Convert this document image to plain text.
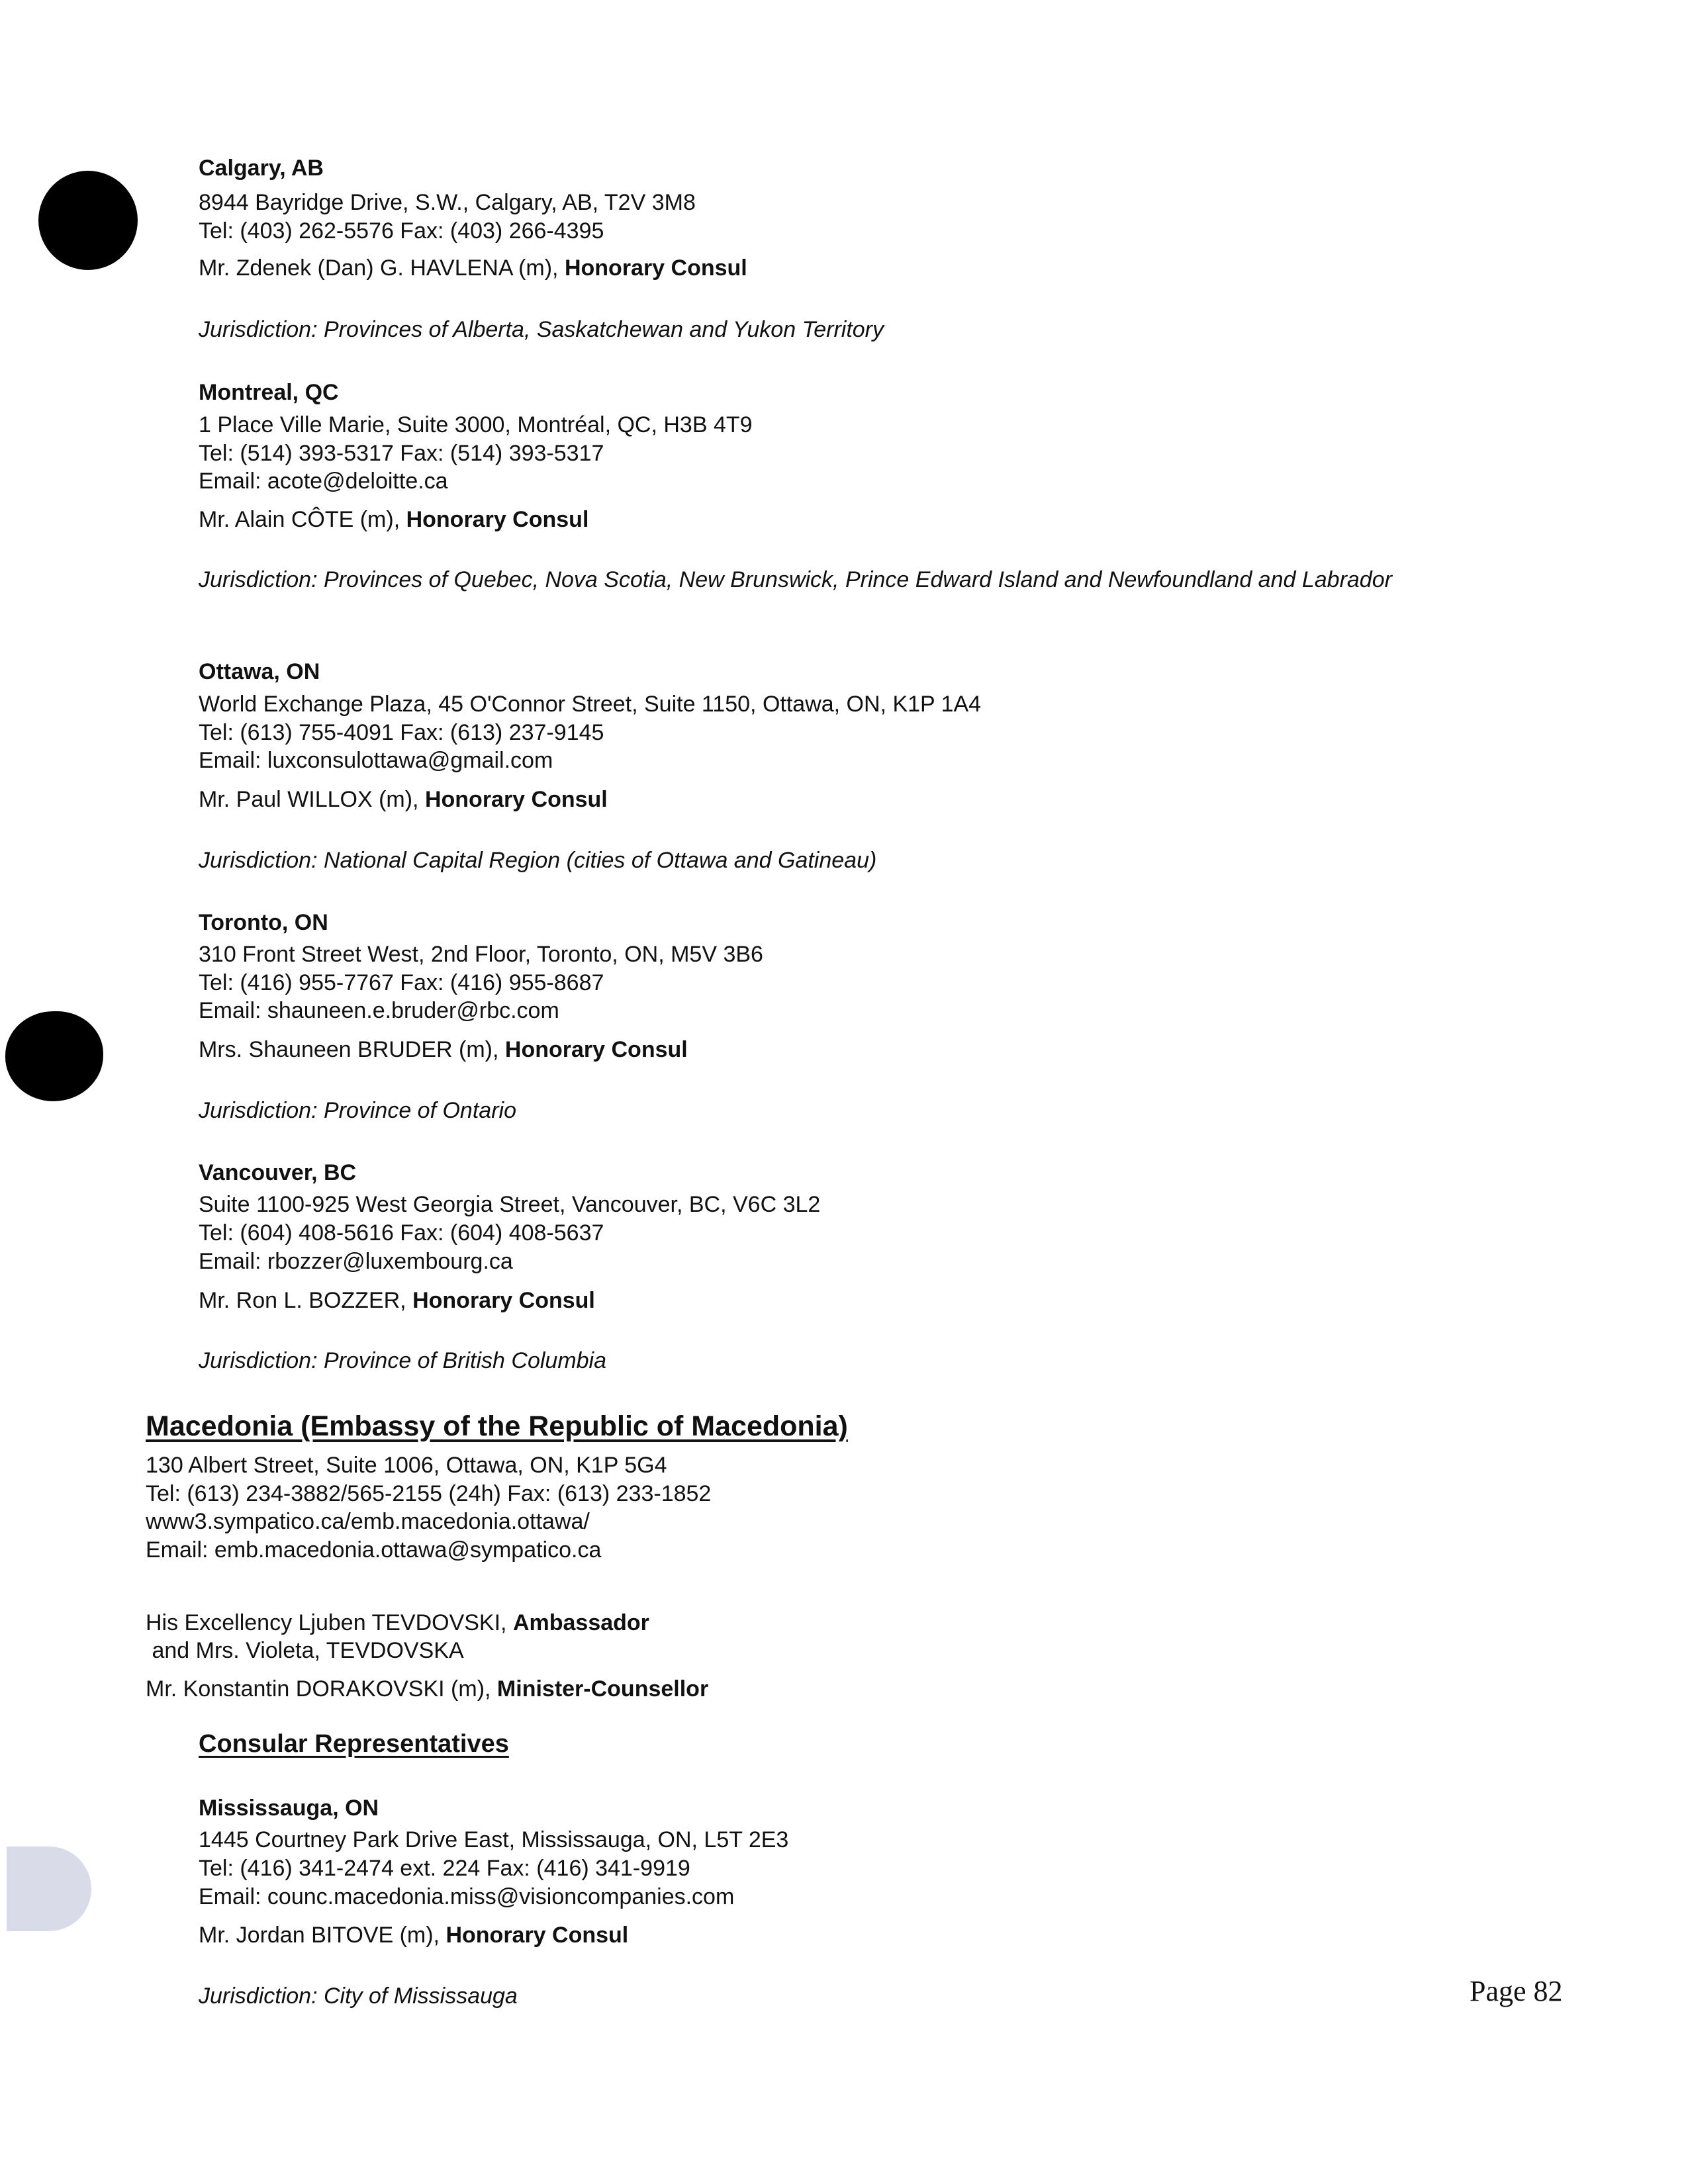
Calgary, AB
8944 Bayridge Drive, S.W., Calgary, AB, T2V 3M8
Tel: (403) 262-5576 Fax: (403) 266-4395
Mr. Zdenek (Dan) G. HAVLENA (m), Honorary Consul
Jurisdiction: Provinces of Alberta, Saskatchewan and Yukon Territory
Montreal, QC
1 Place Ville Marie, Suite 3000, Montréal, QC, H3B 4T9
Tel: (514) 393-5317 Fax: (514) 393-5317
Email: acote@deloitte.ca
Mr. Alain CÔTE (m), Honorary Consul
Jurisdiction: Provinces of Quebec, Nova Scotia, New Brunswick, Prince Edward Island and Newfoundland and Labrador
Ottawa, ON
World Exchange Plaza, 45 O'Connor Street, Suite 1150, Ottawa, ON, K1P 1A4
Tel: (613) 755-4091 Fax: (613) 237-9145
Email: luxconsulottawa@gmail.com
Mr. Paul WILLOX (m), Honorary Consul
Jurisdiction: National Capital Region (cities of Ottawa and Gatineau)
Toronto, ON
310 Front Street West, 2nd Floor, Toronto, ON, M5V 3B6
Tel: (416) 955-7767 Fax: (416) 955-8687
Email: shauneen.e.bruder@rbc.com
Mrs. Shauneen BRUDER (m), Honorary Consul
Jurisdiction: Province of Ontario
Vancouver, BC
Suite 1100-925 West Georgia Street, Vancouver, BC, V6C 3L2
Tel: (604) 408-5616 Fax: (604) 408-5637
Email: rbozzer@luxembourg.ca
Mr. Ron L. BOZZER, Honorary Consul
Jurisdiction: Province of British Columbia
Macedonia (Embassy of the Republic of Macedonia)
130 Albert Street, Suite 1006, Ottawa, ON, K1P 5G4
Tel: (613) 234-3882/565-2155 (24h) Fax: (613) 233-1852
www3.sympatico.ca/emb.macedonia.ottawa/
Email: emb.macedonia.ottawa@sympatico.ca
His Excellency Ljuben TEVDOVSKI, Ambassador
and Mrs. Violeta, TEVDOVSKA
Mr. Konstantin DORAKOVSKI (m), Minister-Counsellor
Consular Representatives
Mississauga, ON
1445 Courtney Park Drive East, Mississauga, ON, L5T 2E3
Tel: (416) 341-2474 ext. 224 Fax: (416) 341-9919
Email: counc.macedonia.miss@visioncompanies.com
Mr. Jordan BITOVE (m), Honorary Consul
Jurisdiction: City of Mississauga	Page 82
